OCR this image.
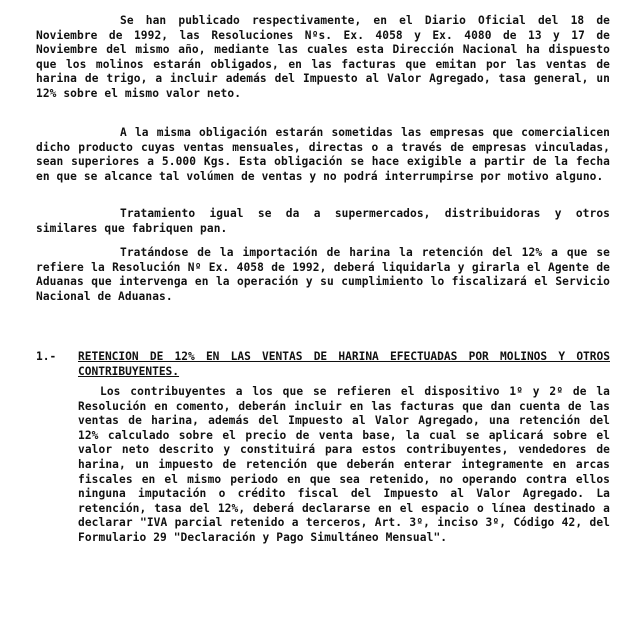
Se han publicado respectivamente, en el Diario Oficial del 18 de Noviembre de 1992, las Resoluciones Nºs. Ex. 4058 y Ex. 4080 de 13 y 17 de Noviembre del mismo año, mediante las cuales esta Dirección Nacional ha dispuesto que los molinos estarán obligados, en las facturas que emitan por las ventas de harina de trigo, a incluir además del Impuesto al Valor Agregado, tasa general, un 12% sobre el mismo valor neto.
A la misma obligación estarán sometidas las empresas que comercialicen dicho producto cuyas ventas mensuales, directas o a través de empresas vinculadas, sean superiores a 5.000 Kgs. Esta obligación se hace exigible a partir de la fecha en que se alcance tal volúmen de ventas y no podrá interrumpirse por motivo alguno.
Tratamiento igual se da a supermercados, distribuidoras y otros similares que fabriquen pan.
Tratándose de la importación de harina la retención del 12% a que se refiere la Resolución Nº Ex. 4058 de 1992, deberá liquidarla y girarla el Agente de Aduanas que intervenga en la operación y su cumplimiento lo fiscalizará el Servicio Nacional de Aduanas.
1.- RETENCION DE 12% EN LAS VENTAS DE HARINA EFECTUADAS POR MOLINOS Y OTROS CONTRIBUYENTES.
Los contribuyentes a los que se refieren el dispositivo 1º y 2º de la Resolución en comento, deberán incluir en las facturas que dan cuenta de las ventas de harina, además del Impuesto al Valor Agregado, una retención del 12% calculado sobre el precio de venta base, la cual se aplicará sobre el valor neto descrito y constituirá para estos contribuyentes, vendedores de harina, un impuesto de retención que deberán enterar integramente en arcas fiscales en el mismo periodo en que sea retenido, no operando contra ellos ninguna imputación o crédito fiscal del Impuesto al Valor Agregado. La retención, tasa del 12%, deberá declararse en el espacio o línea destinado a declarar "IVA parcial retenido a terceros, Art. 3º, inciso 3º, Código 42, del Formulario 29 "Declaración y Pago Simultáneo Mensual".
